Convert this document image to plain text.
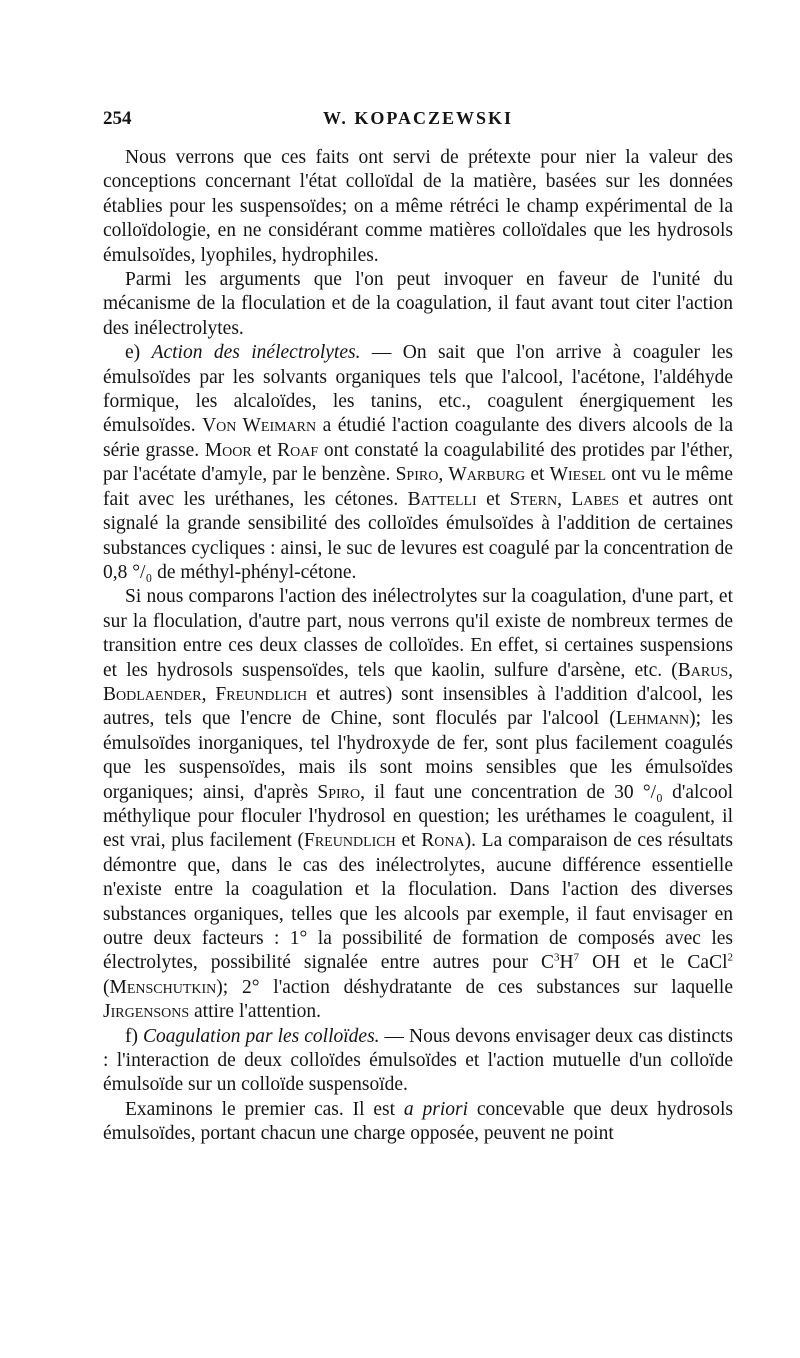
254	W. KOPACZEWSKI

Nous verrons que ces faits ont servi de prétexte pour nier la valeur des conceptions concernant l'état colloïdal de la matière, basées sur les données établies pour les suspensoïdes; on a même rétréci le champ expérimental de la colloïdologie, en ne considérant comme matières colloïdales que les hydrosols émulsoïdes, lyophiles, hydrophiles.

Parmi les arguments que l'on peut invoquer en faveur de l'unité du mécanisme de la floculation et de la coagulation, il faut avant tout citer l'action des inélectrolytes.

e) Action des inélectrolytes. — On sait que l'on arrive à coaguler les émulsoïdes par les solvants organiques tels que l'alcool, l'acétone, l'aldéhyde formique, les alcaloïdes, les tanins, etc., coagulent énergiquement les émulsoïdes. Von Weimarn a étudié l'action coagulante des divers alcools de la série grasse. Moor et Roaf ont constaté la coagulabilité des protides par l'éther, par l'acétate d'amyle, par le benzène. Spiro, Warburg et Wiesel ont vu le même fait avec les uréthanes, les cétones. Battelli et Stern, Labes et autres ont signalé la grande sensibilité des colloïdes émulsoïdes à l'addition de certaines substances cycliques : ainsi, le suc de levures est coagulé par la concentration de 0,8 °/₀ de méthyl-phényl-cétone.

Si nous comparons l'action des inélectrolytes sur la coagulation, d'une part, et sur la floculation, d'autre part, nous verrons qu'il existe de nombreux termes de transition entre ces deux classes de colloïdes. En effet, si certaines suspensions et les hydrosols suspensoïdes, tels que kaolin, sulfure d'arsène, etc. (Barus, Bodlaender, Freundlich et autres) sont insensibles à l'addition d'alcool, les autres, tels que l'encre de Chine, sont floculés par l'alcool (Lehmann); les émulsoïdes inorganiques, tel l'hydroxyde de fer, sont plus facilement coagulés que les suspensoïdes, mais ils sont moins sensibles que les émulsoïdes organiques; ainsi, d'après Spiro, il faut une concentration de 30 °/₀ d'alcool méthylique pour floculer l'hydrosol en question; les uréthames le coagulent, il est vrai, plus facilement (Freundlich et Rona). La comparaison de ces résultats démontre que, dans le cas des inélectrolytes, aucune différence essentielle n'existe entre la coagulation et la floculation. Dans l'action des diverses substances organiques, telles que les alcools par exemple, il faut envisager en outre deux facteurs : 1° la possibilité de formation de composés avec les électrolytes, possibilité signalée entre autres pour $C^3H^7$ OH et le CaCl$^2$ (Menschutkin); 2° l'action déshydratante de ces substances sur laquelle Jirgensons attire l'attention.

f) Coagulation par les colloïdes. — Nous devons envisager deux cas distincts : l'interaction de deux colloïdes émulsoïdes et l'action mutuelle d'un colloïde émulsoïde sur un colloïde suspensoïde.

Examinons le premier cas. Il est a priori concevable que deux hydrosols émulsoïdes, portant chacun une charge opposée, peuvent ne point
